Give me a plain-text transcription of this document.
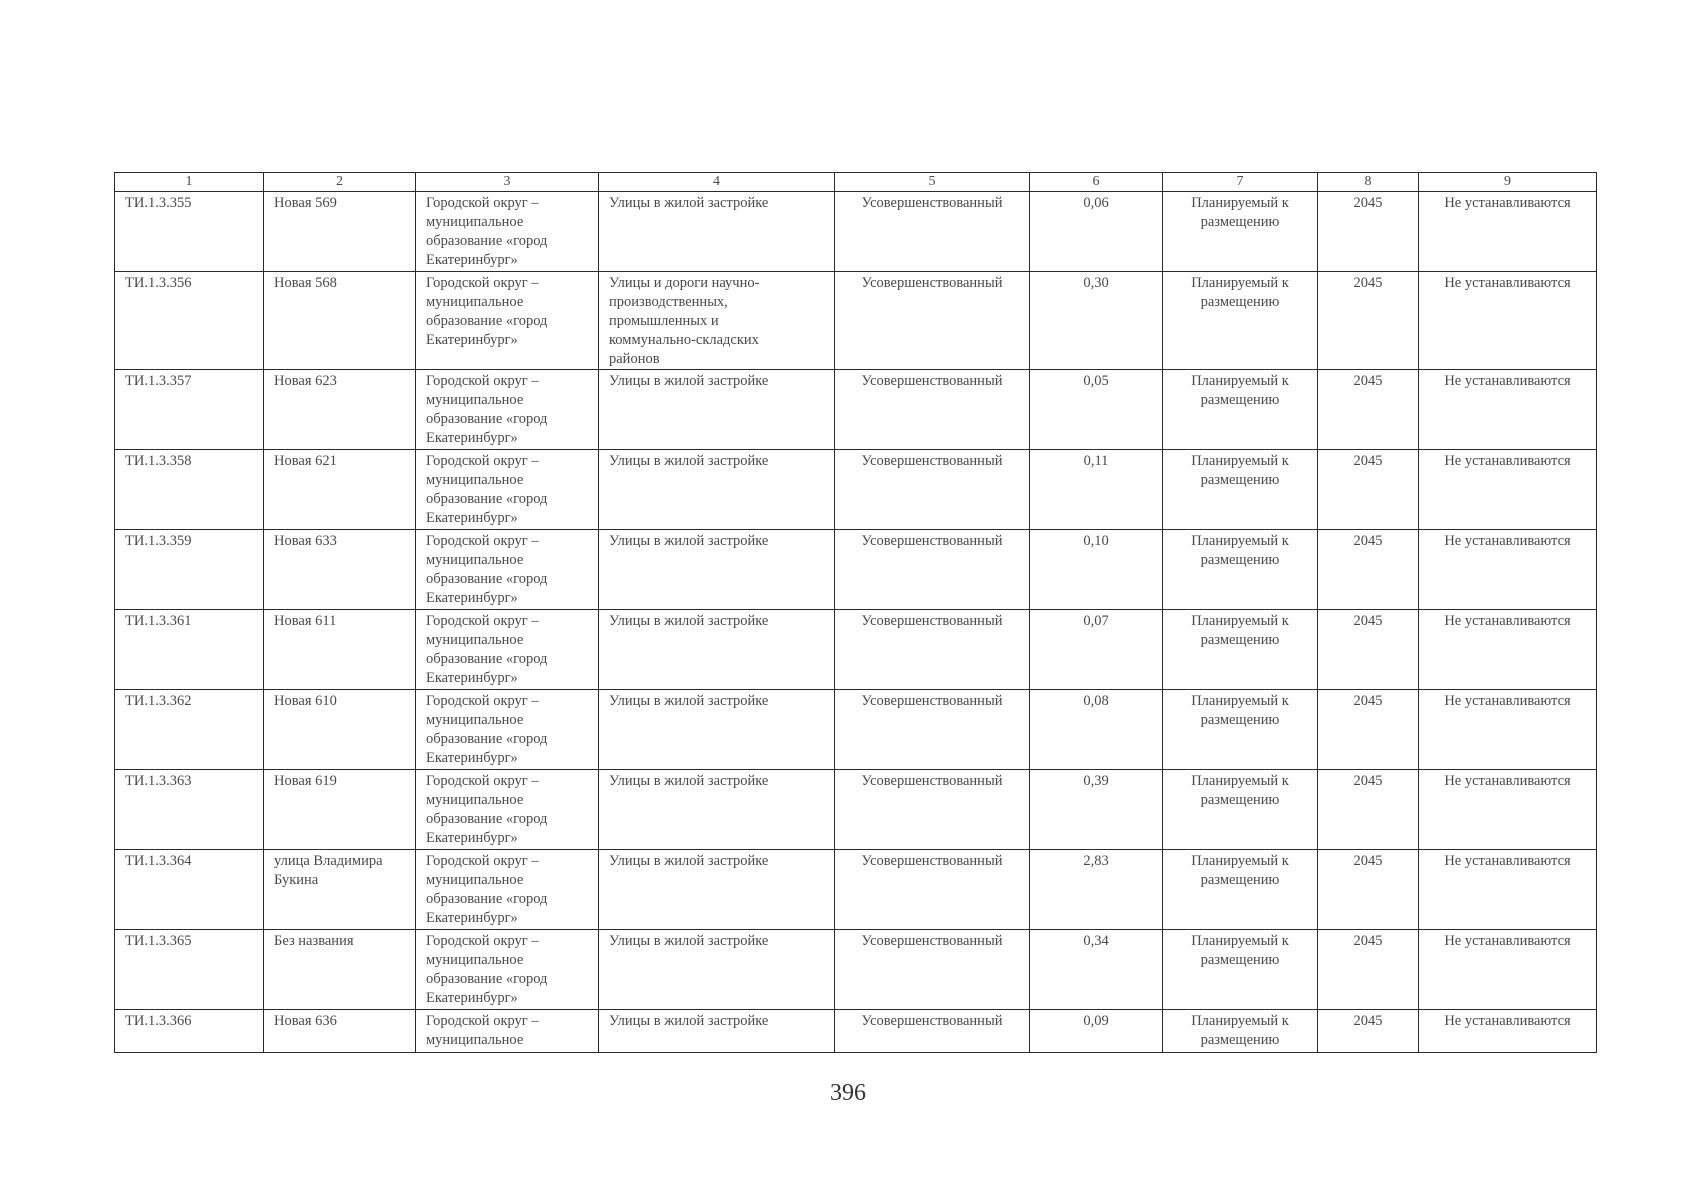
1	2	3	4	5	6	7	8	9
ТИ.1.3.355	Новая 569	Городской округ –
муниципальное
образование «город
Екатеринбург»	Улицы в жилой застройке	Усовершенствованный	0,06	Планируемый к
размещению	2045	Не устанавливаются
ТИ.1.3.356	Новая 568	Городской округ –
муниципальное
образование «город
Екатеринбург»	Улицы и дороги научно-
производственных,
промышленных и
коммунально-складских
районов	Усовершенствованный	0,30	Планируемый к
размещению	2045	Не устанавливаются
ТИ.1.3.357	Новая 623	Городской округ –
муниципальное
образование «город
Екатеринбург»	Улицы в жилой застройке	Усовершенствованный	0,05	Планируемый к
размещению	2045	Не устанавливаются
ТИ.1.3.358	Новая 621	Городской округ –
муниципальное
образование «город
Екатеринбург»	Улицы в жилой застройке	Усовершенствованный	0,11	Планируемый к
размещению	2045	Не устанавливаются
ТИ.1.3.359	Новая 633	Городской округ –
муниципальное
образование «город
Екатеринбург»	Улицы в жилой застройке	Усовершенствованный	0,10	Планируемый к
размещению	2045	Не устанавливаются
ТИ.1.3.361	Новая 611	Городской округ –
муниципальное
образование «город
Екатеринбург»	Улицы в жилой застройке	Усовершенствованный	0,07	Планируемый к
размещению	2045	Не устанавливаются
ТИ.1.3.362	Новая 610	Городской округ –
муниципальное
образование «город
Екатеринбург»	Улицы в жилой застройке	Усовершенствованный	0,08	Планируемый к
размещению	2045	Не устанавливаются
ТИ.1.3.363	Новая 619	Городской округ –
муниципальное
образование «город
Екатеринбург»	Улицы в жилой застройке	Усовершенствованный	0,39	Планируемый к
размещению	2045	Не устанавливаются
ТИ.1.3.364	улица Владимира
Букина	Городской округ –
муниципальное
образование «город
Екатеринбург»	Улицы в жилой застройке	Усовершенствованный	2,83	Планируемый к
размещению	2045	Не устанавливаются
ТИ.1.3.365	Без названия	Городской округ –
муниципальное
образование «город
Екатеринбург»	Улицы в жилой застройке	Усовершенствованный	0,34	Планируемый к
размещению	2045	Не устанавливаются
ТИ.1.3.366	Новая 636	Городской округ –
муниципальное	Улицы в жилой застройке	Усовершенствованный	0,09	Планируемый к
размещению	2045	Не устанавливаются
396
